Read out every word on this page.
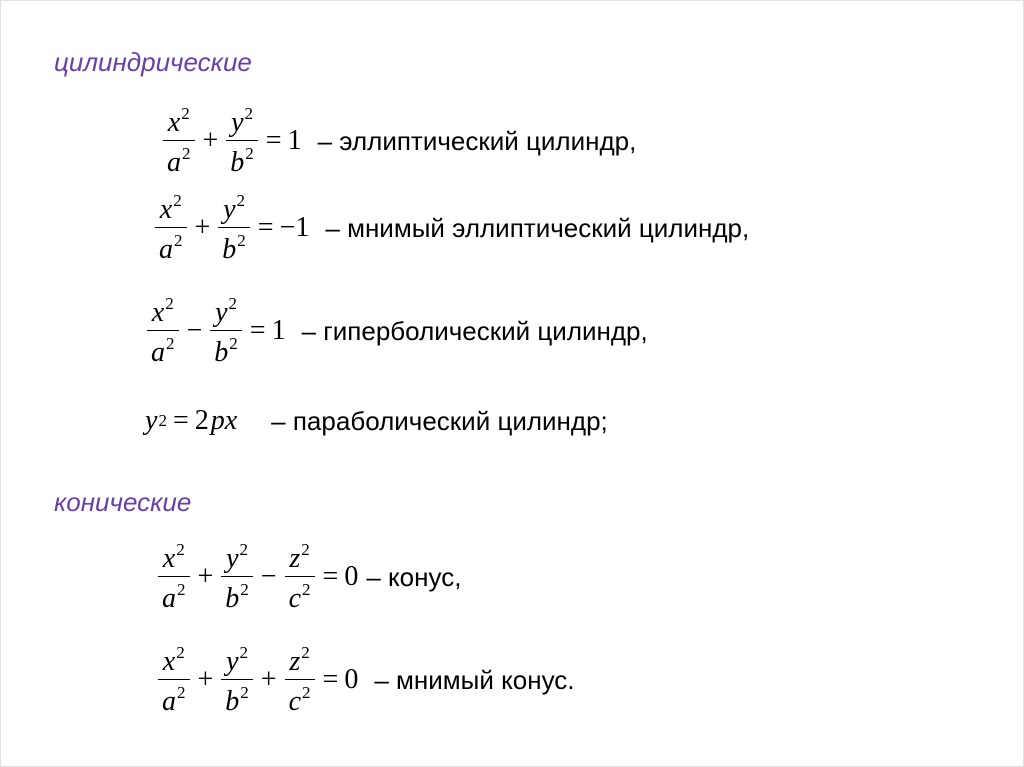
цилиндрические
$\frac{x^2}{a^2} + \frac{y^2}{b^2} = 1$ – эллиптический цилиндр,
$\frac{x^2}{a^2} + \frac{y^2}{b^2} = -1$ – мнимый эллиптический цилиндр,
$\frac{x^2}{a^2} - \frac{y^2}{b^2} = 1$ – гиперболический цилиндр,
y 2 = 2 px – параболический цилиндр;
конические
$\frac{x^2}{a^2} + \frac{y^2}{b^2} - \frac{z^2}{c^2} = 0$ – конус,
$\frac{x^2}{a^2} + \frac{y^2}{b^2} + \frac{z^2}{c^2} = 0$ – мнимый конус.
